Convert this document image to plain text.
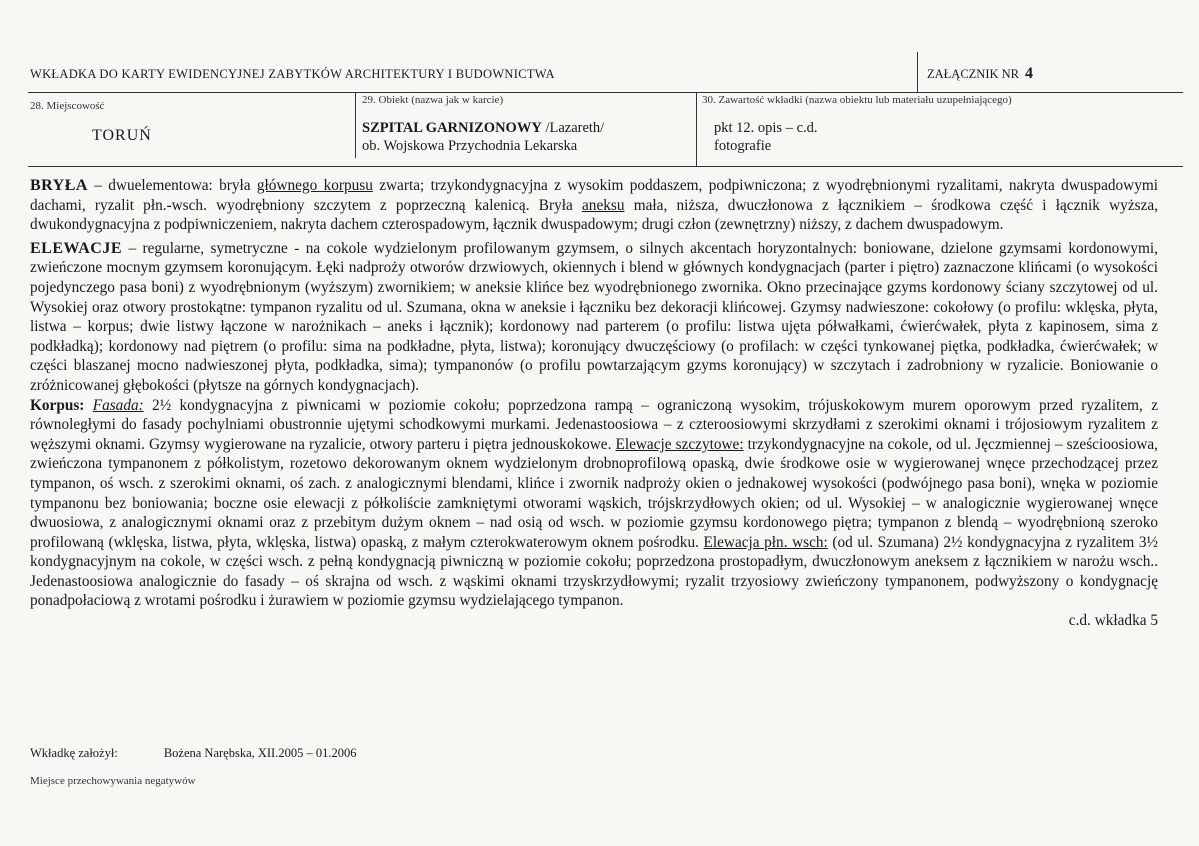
WKŁADKA DO KARTY EWIDENCYJNEJ ZABYTKÓW ARCHITEKTURY I BUDOWNICTWA	ZAŁĄCZNIK NR 4
28. Miejscowość
TORUŃ
29. Obiekt (nazwa jak w karcie)
SZPITAL GARNIZONOWY /Lazareth/
ob. Wojskowa Przychodnia Lekarska
30. Zawartość wkładki (nazwa obiektu lub materiału uzupełniającego)
pkt 12. opis – c.d.
fotografie

BRYŁA – dwuelementowa: bryła głównego korpusu zwarta; trzykondygnacyjna z wysokim poddaszem, podpiwniczona; z wyodrębnionymi ryzalitami, nakryta dwuspadowymi dachami, ryzalit płn.-wsch. wyodrębniony szczytem z poprzeczną kalenicą. Bryła aneksu mała, niższa, dwuczłonowa z łącznikiem – środkowa część i łącznik wyższa, dwukondygnacyjna z podpiwniczeniem, nakryta dachem czterospadowym, łącznik dwuspadowym; drugi człon (zewnętrzny) niższy, z dachem dwuspadowym.

ELEWACJE – regularne, symetryczne - na cokole wydzielonym profilowanym gzymsem, o silnych akcentach horyzontalnych: boniowane, dzielone gzymsami kordonowymi, zwieńczone mocnym gzymsem koronującym. Łęki nadproży otworów drzwiowych, okiennych i blend w głównych kondygnacjach (parter i piętro) zaznaczone klińcami (o wysokości pojedynczego pasa boni) z wyodrębnionym (wyższym) zwornikiem; w aneksie klińce bez wyodrębnionego zwornika. Okno przecinające gzyms kordonowy ściany szczytowej od ul. Wysokiej oraz otwory prostokątne: tympanon ryzalitu od ul. Szumana, okna w aneksie i łączniku bez dekoracji klińcowej. Gzymsy nadwieszone: cokołowy (o profilu: wklęska, płyta, listwa – korpus; dwie listwy łączone w narożnikach – aneks i łącznik); kordonowy nad parterem (o profilu: listwa ujęta półwałkami, ćwierćwałek, płyta z kapinosem, sima z podkładką); kordonowy nad piętrem (o profilu: sima na podkładne, płyta, listwa); koronujący dwuczęściowy (o profilach: w części tynkowanej piętka, podkładka, ćwierćwałek; w części blaszanej mocno nadwieszonej płyta, podkładka, sima); tympanonów (o profilu powtarzającym gzyms koronujący) w szczytach i zadrobniony w ryzalicie. Boniowanie o zróżnicowanej głębokości (płytsze na górnych kondygnacjach).

Korpus: Fasada: 2½ kondygnacyjna z piwnicami w poziomie cokołu; poprzedzona rampą – ograniczoną wysokim, trójuskokowym murem oporowym przed ryzalitem, z równoległymi do fasady pochylniami obustronnie ujętymi schodkowymi murkami. Jedenastoosiowa – z czteroosiowymi skrzydłami z szerokimi oknami i trójosiowym ryzalitem z węższymi oknami. Gzymsy wygierowane na ryzalicie, otwory parteru i piętra jednouskokowe. Elewacje szczytowe: trzykondygnacyjne na cokole, od ul. Jęczmiennej – sześcioosiowa, zwieńczona tympanonem z półkolistym, rozetowo dekorowanym oknem wydzielonym drobnoprofilową opaską, dwie środkowe osie w wygierowanej wnęce przechodzącej przez tympanon, oś wsch. z szerokimi oknami, oś zach. z analogicznymi blendami, klińce i zwornik nadproży okien o jednakowej wysokości (podwójnego pasa boni), wnęka w poziomie tympanonu bez boniowania; boczne osie elewacji z półkoliście zamkniętymi otworami wąskich, trójskrzydłowych okien; od ul. Wysokiej – w analogicznie wygierowanej wnęce dwuosiowa, z analogicznymi oknami oraz z przebitym dużym oknem – nad osią od wsch. w poziomie gzymsu kordonowego piętra; tympanon z blendą – wyodrębnioną szeroko profilowaną (wklęska, listwa, płyta, wklęska, listwa) opaską, z małym czterokwaterowym oknem pośrodku. Elewacja płn. wsch: (od ul. Szumana) 2½ kondygnacyjna z ryzalitem 3½ kondygnacyjnym na cokole, w części wsch. z pełną kondygnacją piwniczną w poziomie cokołu; poprzedzona prostopadłym, dwuczłonowym aneksem z łącznikiem w narożu wsch.. Jedenastoosiowa analogicznie do fasady – oś skrajna od wsch. z wąskimi oknami trzyskrzydłowymi; ryzalit trzyosiowy zwieńczony tympanonem, podwyższony o kondygnację ponadpołaciową z wrotami pośrodku i żurawiem w poziomie gzymsu wydzielającego tympanon.

c.d. wkładka 5

Wkładkę założył:	Bożena Narębska, XII.2005 – 01.2006
Miejsce przechowywania negatywów
